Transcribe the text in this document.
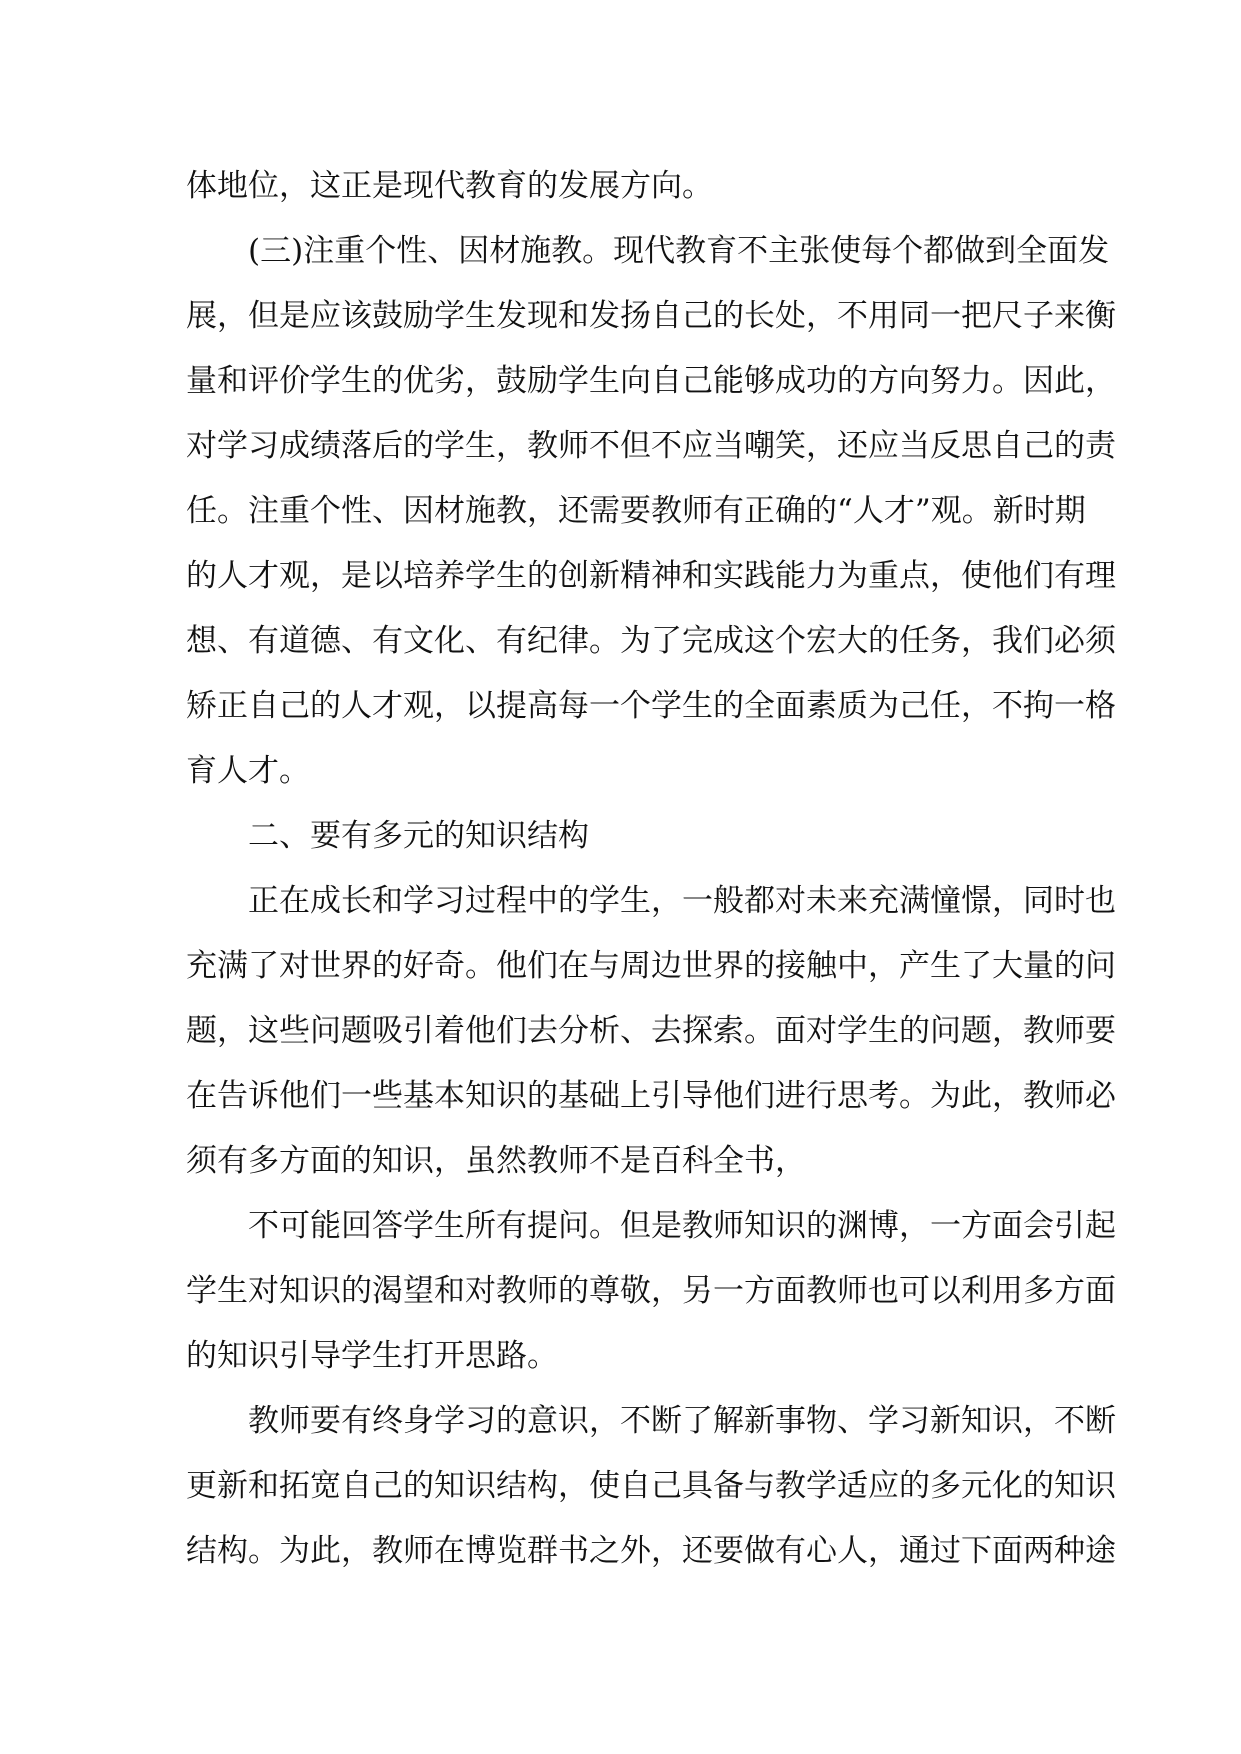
体地位，这正是现代教育的发展方向。
(三)注重个性、因材施教。现代教育不主张使每个都做到全面发
展，但是应该鼓励学生发现和发扬自己的长处，不用同一把尺子来衡
量和评价学生的优劣，鼓励学生向自己能够成功的方向努力。因此，
对学习成绩落后的学生，教师不但不应当嘲笑，还应当反思自己的责
任。注重个性、因材施教，还需要教师有正确的“人才”观。新时期
的人才观，是以培养学生的创新精神和实践能力为重点，使他们有理
想、有道德、有文化、有纪律。为了完成这个宏大的任务，我们必须
矫正自己的人才观，以提高每一个学生的全面素质为己任，不拘一格
育人才。
二、要有多元的知识结构
正在成长和学习过程中的学生，一般都对未来充满憧憬，同时也
充满了对世界的好奇。他们在与周边世界的接触中，产生了大量的问
题，这些问题吸引着他们去分析、去探索。面对学生的问题，教师要
在告诉他们一些基本知识的基础上引导他们进行思考。为此，教师必
须有多方面的知识，虽然教师不是百科全书，
不可能回答学生所有提问。但是教师知识的渊博，一方面会引起
学生对知识的渴望和对教师的尊敬，另一方面教师也可以利用多方面
的知识引导学生打开思路。
教师要有终身学习的意识，不断了解新事物、学习新知识，不断
更新和拓宽自己的知识结构，使自己具备与教学适应的多元化的知识
结构。为此，教师在博览群书之外，还要做有心人，通过下面两种途
